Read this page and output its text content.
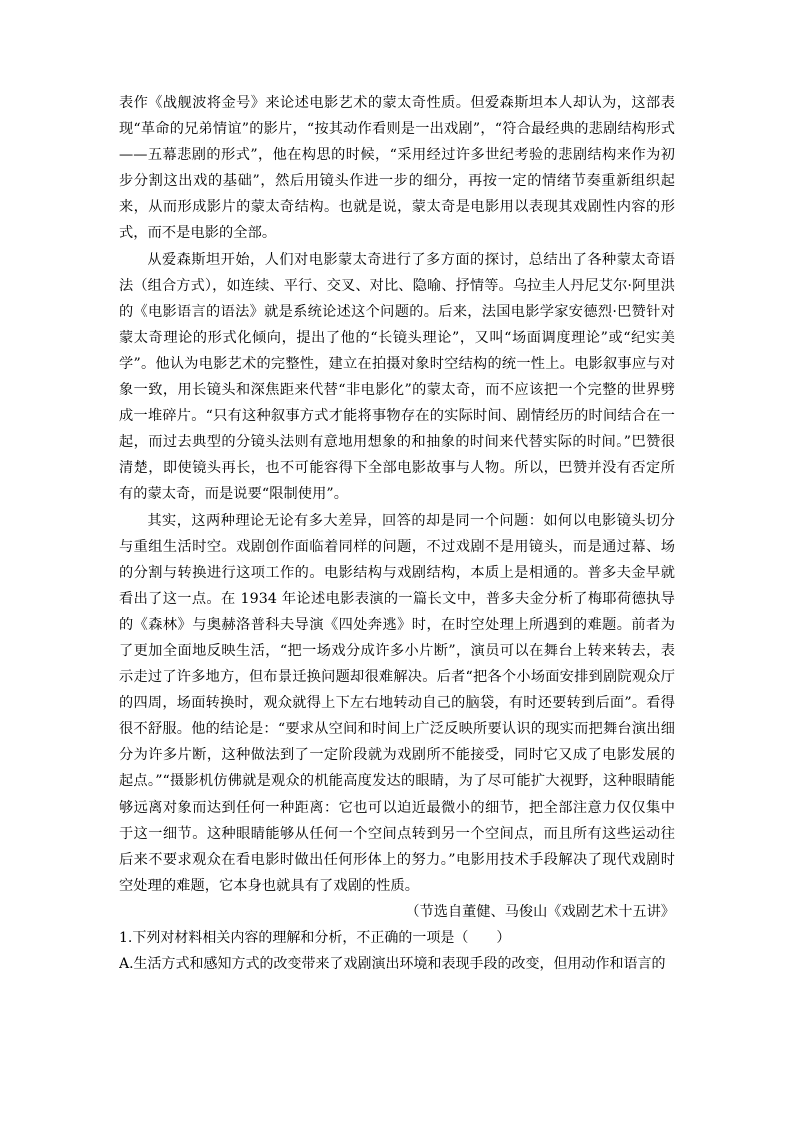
表作《战舰波将金号》来论述电影艺术的蒙太奇性质。但爱森斯坦本人却认为，这部表现“革命的兄弟情谊”的影片，“按其动作看则是一出戏剧”，“符合最经典的悲剧结构形式——五幕悲剧的形式”，他在构思的时候，“采用经过许多世纪考验的悲剧结构来作为初步分割这出戏的基础”，然后用镜头作进一步的细分，再按一定的情绪节奏重新组织起来，从而形成影片的蒙太奇结构。也就是说，蒙太奇是电影用以表现其戏剧性内容的形式，而不是电影的全部。

从爱森斯坦开始，人们对电影蒙太奇进行了多方面的探讨，总结出了各种蒙太奇语法（组合方式），如连续、平行、交叉、对比、隐喻、抒情等。乌拉圭人丹尼艾尔·阿里洪的《电影语言的语法》就是系统论述这个问题的。后来，法国电影学家安德烈·巴赞针对蒙太奇理论的形式化倾向，提出了他的“长镜头理论”，又叫“场面调度理论”或“纪实美学”。他认为电影艺术的完整性，建立在拍摄对象时空结构的统一性上。电影叙事应与对象一致，用长镜头和深焦距来代替“非电影化”的蒙太奇，而不应该把一个完整的世界劈成一堆碎片。“只有这种叙事方式才能将事物存在的实际时间、剧情经历的时间结合在一起，而过去典型的分镜头法则有意地用想象的和抽象的时间来代替实际的时间。”巴赞很清楚，即使镜头再长，也不可能容得下全部电影故事与人物。所以，巴赞并没有否定所有的蒙太奇，而是说要“限制使用”。

其实，这两种理论无论有多大差异，回答的却是同一个问题：如何以电影镜头切分与重组生活时空。戏剧创作面临着同样的问题，不过戏剧不是用镜头，而是通过幕、场的分割与转换进行这项工作的。电影结构与戏剧结构，本质上是相通的。普多夫金早就看出了这一点。在 1934 年论述电影表演的一篇长文中，普多夫金分析了梅耶荷德执导的《森林》与奥赫洛普科夫导演《四处奔逃》时，在时空处理上所遇到的难题。前者为了更加全面地反映生活，“把一场戏分成许多小片断”，演员可以在舞台上转来转去，表示走过了许多地方，但布景迁换问题却很难解决。后者“把各个小场面安排到剧院观众厅的四周，场面转换时，观众就得上下左右地转动自己的脑袋，有时还要转到后面”。看得很不舒服。他的结论是：“要求从空间和时间上广泛反映所要认识的现实而把舞台演出细分为许多片断，这种做法到了一定阶段就为戏剧所不能接受，同时它又成了电影发展的起点。”“摄影机仿佛就是观众的机能高度发达的眼睛，为了尽可能扩大视野，这种眼睛能够远离对象而达到任何一种距离：它也可以迫近最微小的细节，把全部注意力仅仅集中于这一细节。这种眼睛能够从任何一个空间点转到另一个空间点，而且所有这些运动往后来不要求观众在看电影时做出任何形体上的努力。”电影用技术手段解决了现代戏剧时空处理的难题，它本身也就具有了戏剧的性质。

（节选自董健、马俊山《戏剧艺术十五讲》

1.下列对材料相关内容的理解和分析，不正确的一项是（　　）

A.生活方式和感知方式的改变带来了戏剧演出环境和表现手段的改变，但用动作和语言的
